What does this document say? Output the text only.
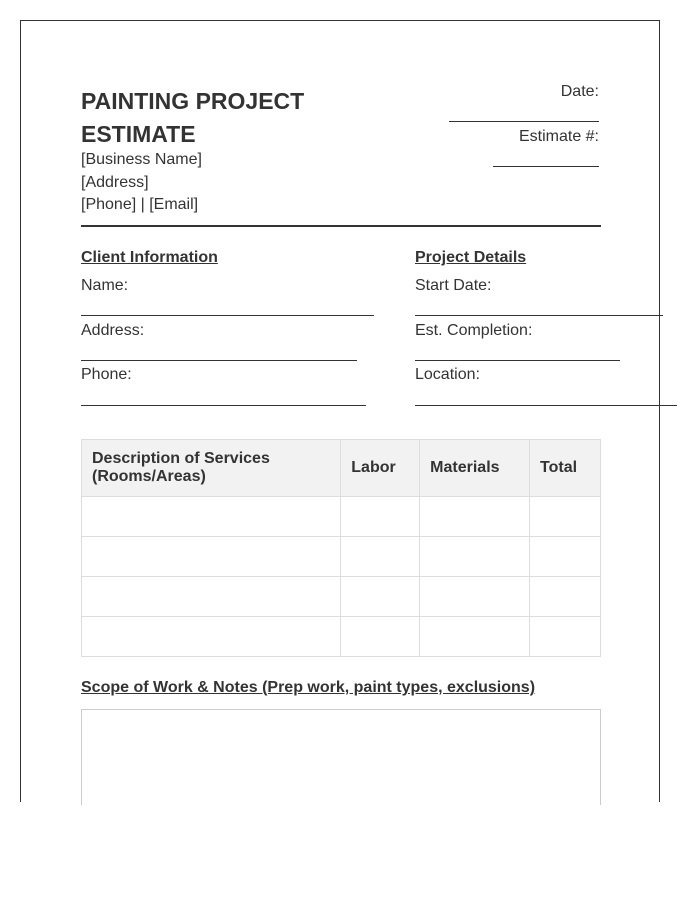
PAINTING PROJECT ESTIMATE
[Business Name]
[Address]
[Phone] | [Email]
Date:
Estimate #:
Client Information
Name:
Address:
Phone:
Project Details
Start Date:
Est. Completion:
Location:
Description of Services (Rooms/Areas)	Labor	Materials	Total

Scope of Work & Notes (Prep work, paint types, exclusions)
